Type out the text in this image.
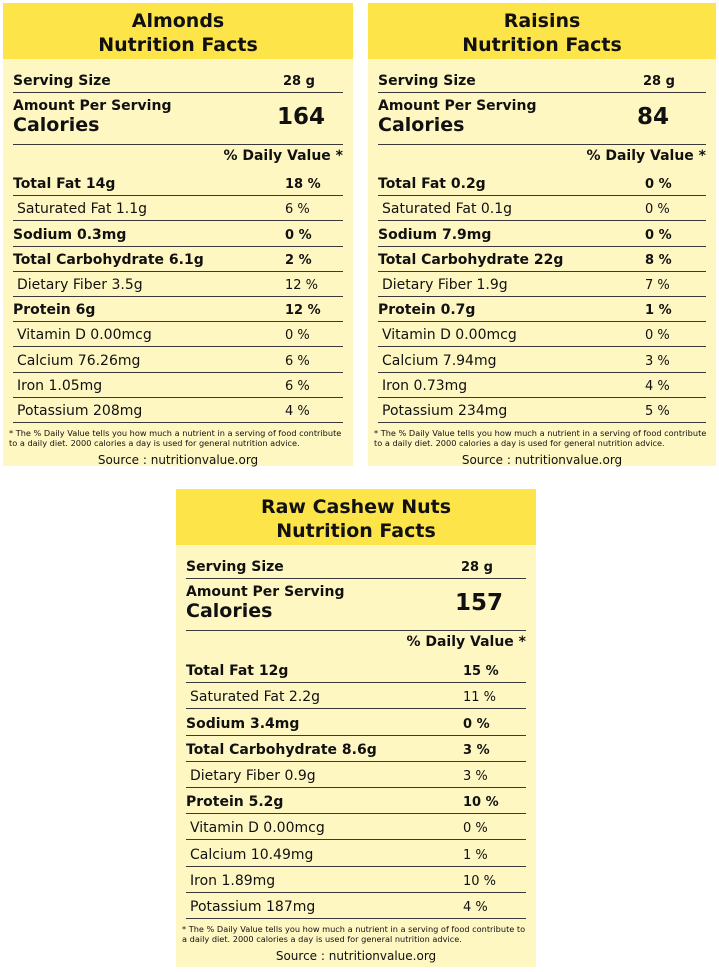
Almonds
Nutrition Facts
Serving Size	28 g
Amount Per Serving
Calories	164
% Daily Value *
Total Fat 14g	18 %
Saturated Fat 1.1g	6 %
Sodium 0.3mg	0 %
Total Carbohydrate 6.1g	2 %
Dietary Fiber 3.5g	12 %
Protein 6g	12 %
Vitamin D 0.00mcg	0 %
Calcium 76.26mg	6 %
Iron 1.05mg	6 %
Potassium 208mg	4 %
* The % Daily Value tells you how much a nutrient in a serving of food contribute to a daily diet. 2000 calories a day is used for general nutrition advice.
Source : nutritionvalue.org
Raisins
Nutrition Facts
Serving Size	28 g
Amount Per Serving
Calories	84
% Daily Value *
Total Fat 0.2g	0 %
Saturated Fat 0.1g	0 %
Sodium 7.9mg	0 %
Total Carbohydrate 22g	8 %
Dietary Fiber 1.9g	7 %
Protein 0.7g	1 %
Vitamin D 0.00mcg	0 %
Calcium 7.94mg	3 %
Iron 0.73mg	4 %
Potassium 234mg	5 %
* The % Daily Value tells you how much a nutrient in a serving of food contribute to a daily diet. 2000 calories a day is used for general nutrition advice.
Source : nutritionvalue.org
Raw Cashew Nuts
Nutrition Facts
Serving Size	28 g
Amount Per Serving
Calories	157
% Daily Value *
Total Fat 12g	15 %
Saturated Fat 2.2g	11 %
Sodium 3.4mg	0 %
Total Carbohydrate 8.6g	3 %
Dietary Fiber 0.9g	3 %
Protein 5.2g	10 %
Vitamin D 0.00mcg	0 %
Calcium 10.49mg	1 %
Iron 1.89mg	10 %
Potassium 187mg	4 %
* The % Daily Value tells you how much a nutrient in a serving of food contribute to a daily diet. 2000 calories a day is used for general nutrition advice.
Source : nutritionvalue.org
